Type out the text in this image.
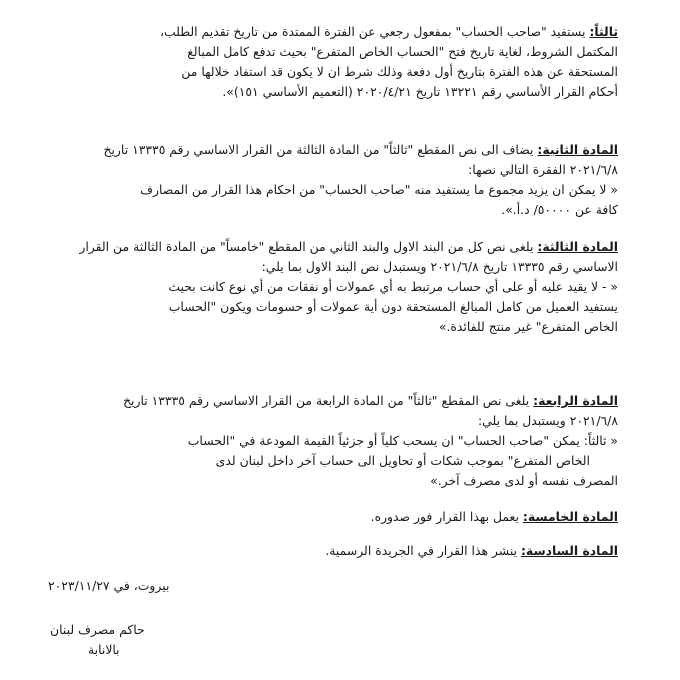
ثالثاً: يستفيد "صاحب الحساب" بمفعول رجعي عن الفترة الممتدة من تاريخ تقديم الطلب،
المكتمل الشروط، لغاية تاريخ فتح "الحساب الخاص المتفرع" بحيث تدفع كامل المبالغ
المستحقة عن هذه الفترة بتاريخ أول دفعة وذلك شرط ان لا يكون قد استفاد خلالها من
أحكام القرار الأساسي رقم ١٣٢٢١ تاريخ ٢٠٢٠/٤/٢١ (التعميم الأساسي ١٥١)».
المادة الثانية: يضاف الى نص المقطع "ثالثاً" من المادة الثالثة من القرار الاساسي رقم ١٣٣٣٥ تاريخ
٢٠٢١/٦/٨ الفقرة التالي نصها:
« لا يمكن ان يزيد مجموع ما يستفيد منه "صاحب الحساب" من احكام هذا القرار من المصارف
كافة عن ٥٠٠٠٠/ د.أ.».
المادة الثالثة: يلغى نص كل من البند الاول والبند الثاني من المقطع "خامساً" من المادة الثالثة من القرار
الاساسي رقم ١٣٣٣٥ تاريخ ٢٠٢١/٦/٨ ويستبدل نص البند الاول بما يلي:
« - لا يقيد عليه أو على أي حساب مرتبط به أي عمولات أو نفقات من أي نوع كانت بحيث
يستفيد العميل من كامل المبالغ المستحقة دون أية عمولات أو حسومات ويكون "الحساب
الخاص المتفرع" غير منتج للفائدة.»
المادة الرابعة: يلغى نص المقطع "ثالثاً" من المادة الرابعة من القرار الاساسي رقم ١٣٣٣٥ تاريخ
٢٠٢١/٦/٨ ويستبدل بما يلي:
« ثالثاً: يمكن "صاحب الحساب" ان يسحب كلياً أو جزئياً القيمة المودعة في "الحساب
الخاص المتفرع" بموجب شكات أو تحاويل الى حساب آخر داخل لبنان لدى
المصرف نفسه أو لدى مصرف آخر.»
المادة الخامسة: يعمل بهذا القرار فور صدوره.
المادة السادسة: ينشر هذا القرار في الجريدة الرسمية.
بيروت، في ٢٠٢٣/١١/٢٧
حاكم مصرف لبنان
بالانابة
